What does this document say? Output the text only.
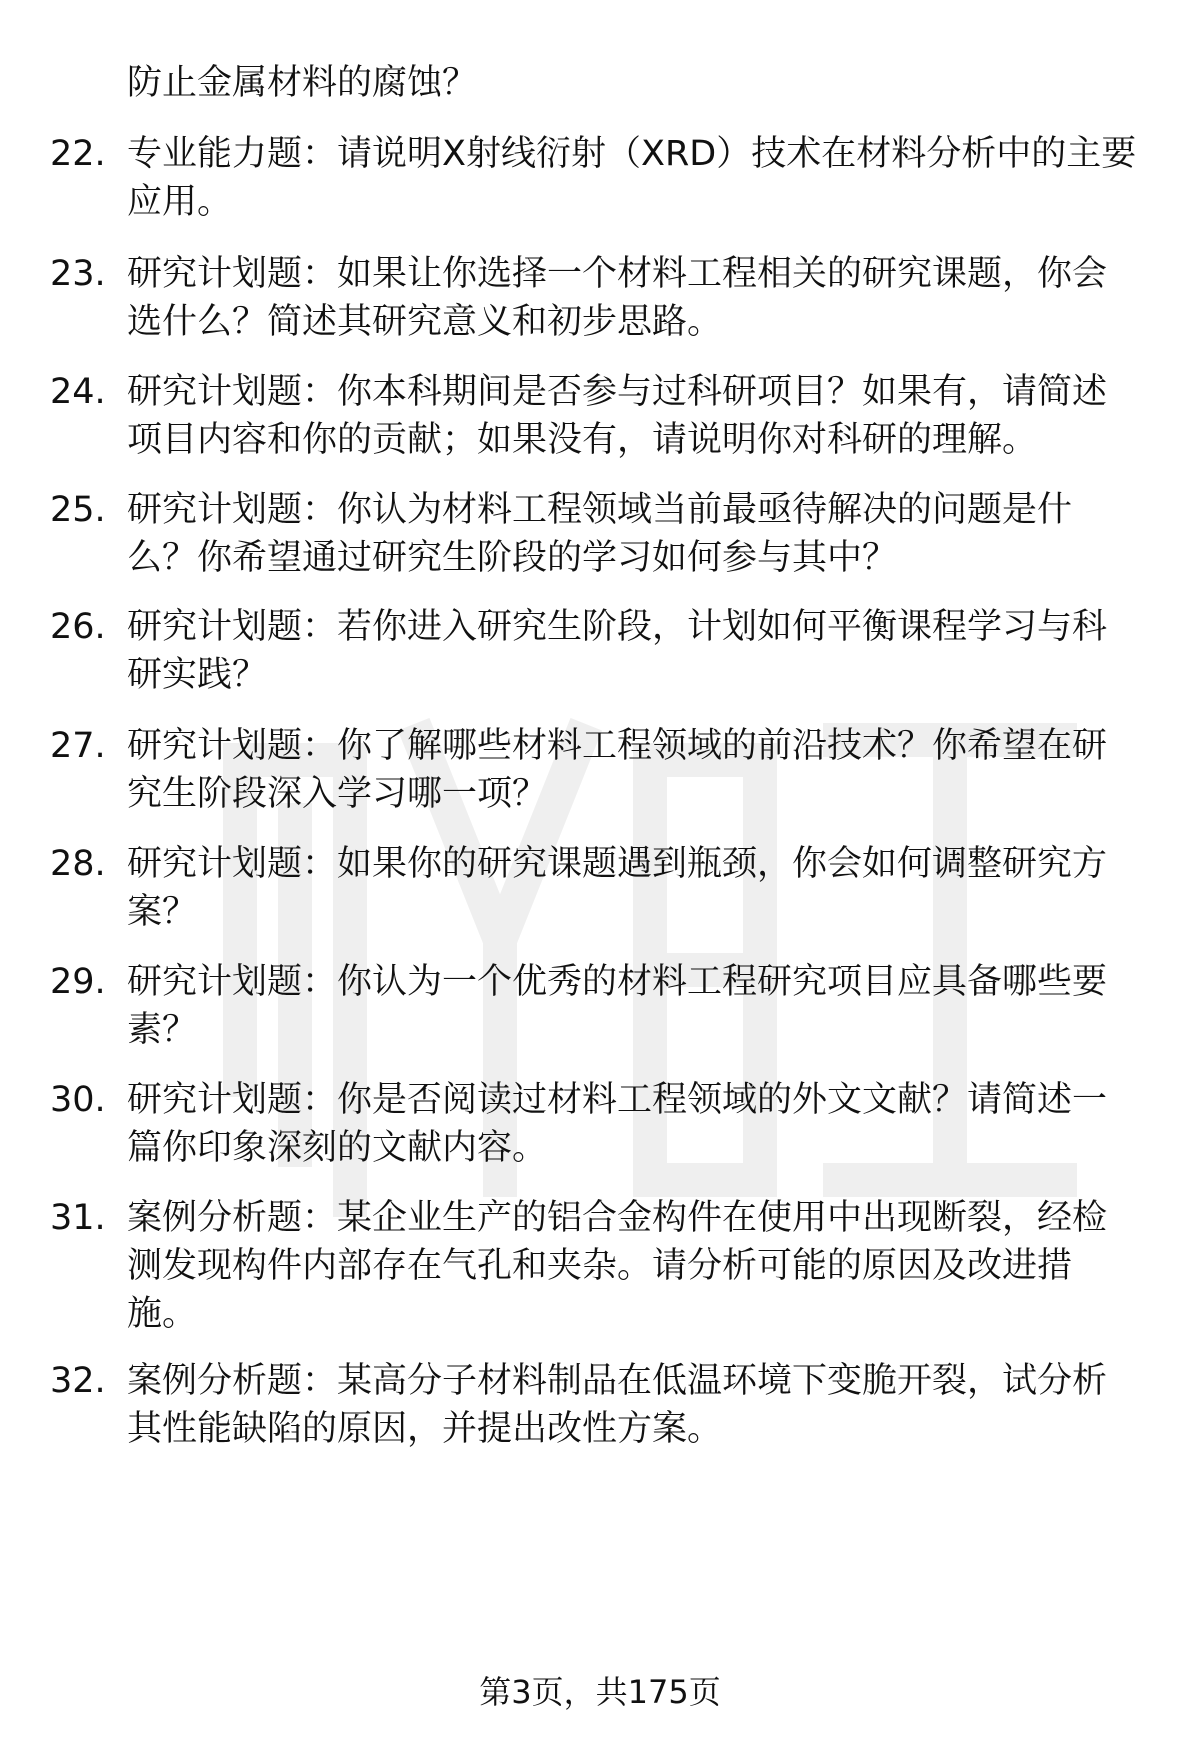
防止金属材料的腐蚀？
22. 专业能力题：请说明X射线衍射（XRD）技术在材料分析中的主要应用。
23. 研究计划题：如果让你选择一个材料工程相关的研究课题，你会选什么？简述其研究意义和初步思路。
24. 研究计划题：你本科期间是否参与过科研项目？如果有，请简述项目内容和你的贡献；如果没有，请说明你对科研的理解。
25. 研究计划题：你认为材料工程领域当前最亟待解决的问题是什么？你希望通过研究生阶段的学习如何参与其中？
26. 研究计划题：若你进入研究生阶段，计划如何平衡课程学习与科研实践？
27. 研究计划题：你了解哪些材料工程领域的前沿技术？你希望在研究生阶段深入学习哪一项？
28. 研究计划题：如果你的研究课题遇到瓶颈，你会如何调整研究方案？
29. 研究计划题：你认为一个优秀的材料工程研究项目应具备哪些要素？
30. 研究计划题：你是否阅读过材料工程领域的外文文献？请简述一篇你印象深刻的文献内容。
31. 案例分析题：某企业生产的铝合金构件在使用中出现断裂，经检测发现构件内部存在气孔和夹杂。请分析可能的原因及改进措施。
32. 案例分析题：某高分子材料制品在低温环境下变脆开裂，试分析其性能缺陷的原因，并提出改性方案。
第3页，共175页
